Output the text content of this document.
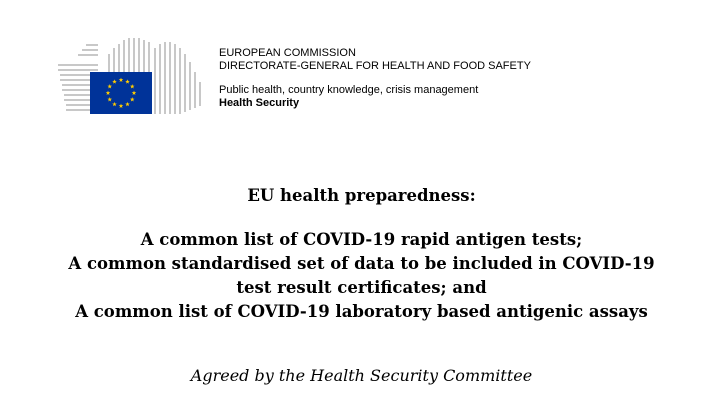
EUROPEAN COMMISSION
DIRECTORATE-GENERAL FOR HEALTH AND FOOD SAFETY
Public health, country knowledge, crisis management
Health Security
EU health preparedness:
A common list of COVID-19 rapid antigen tests;
A common standardised set of data to be included in COVID-19
test result certificates; and
A common list of COVID-19 laboratory based antigenic assays
Agreed by the Health Security Committee
